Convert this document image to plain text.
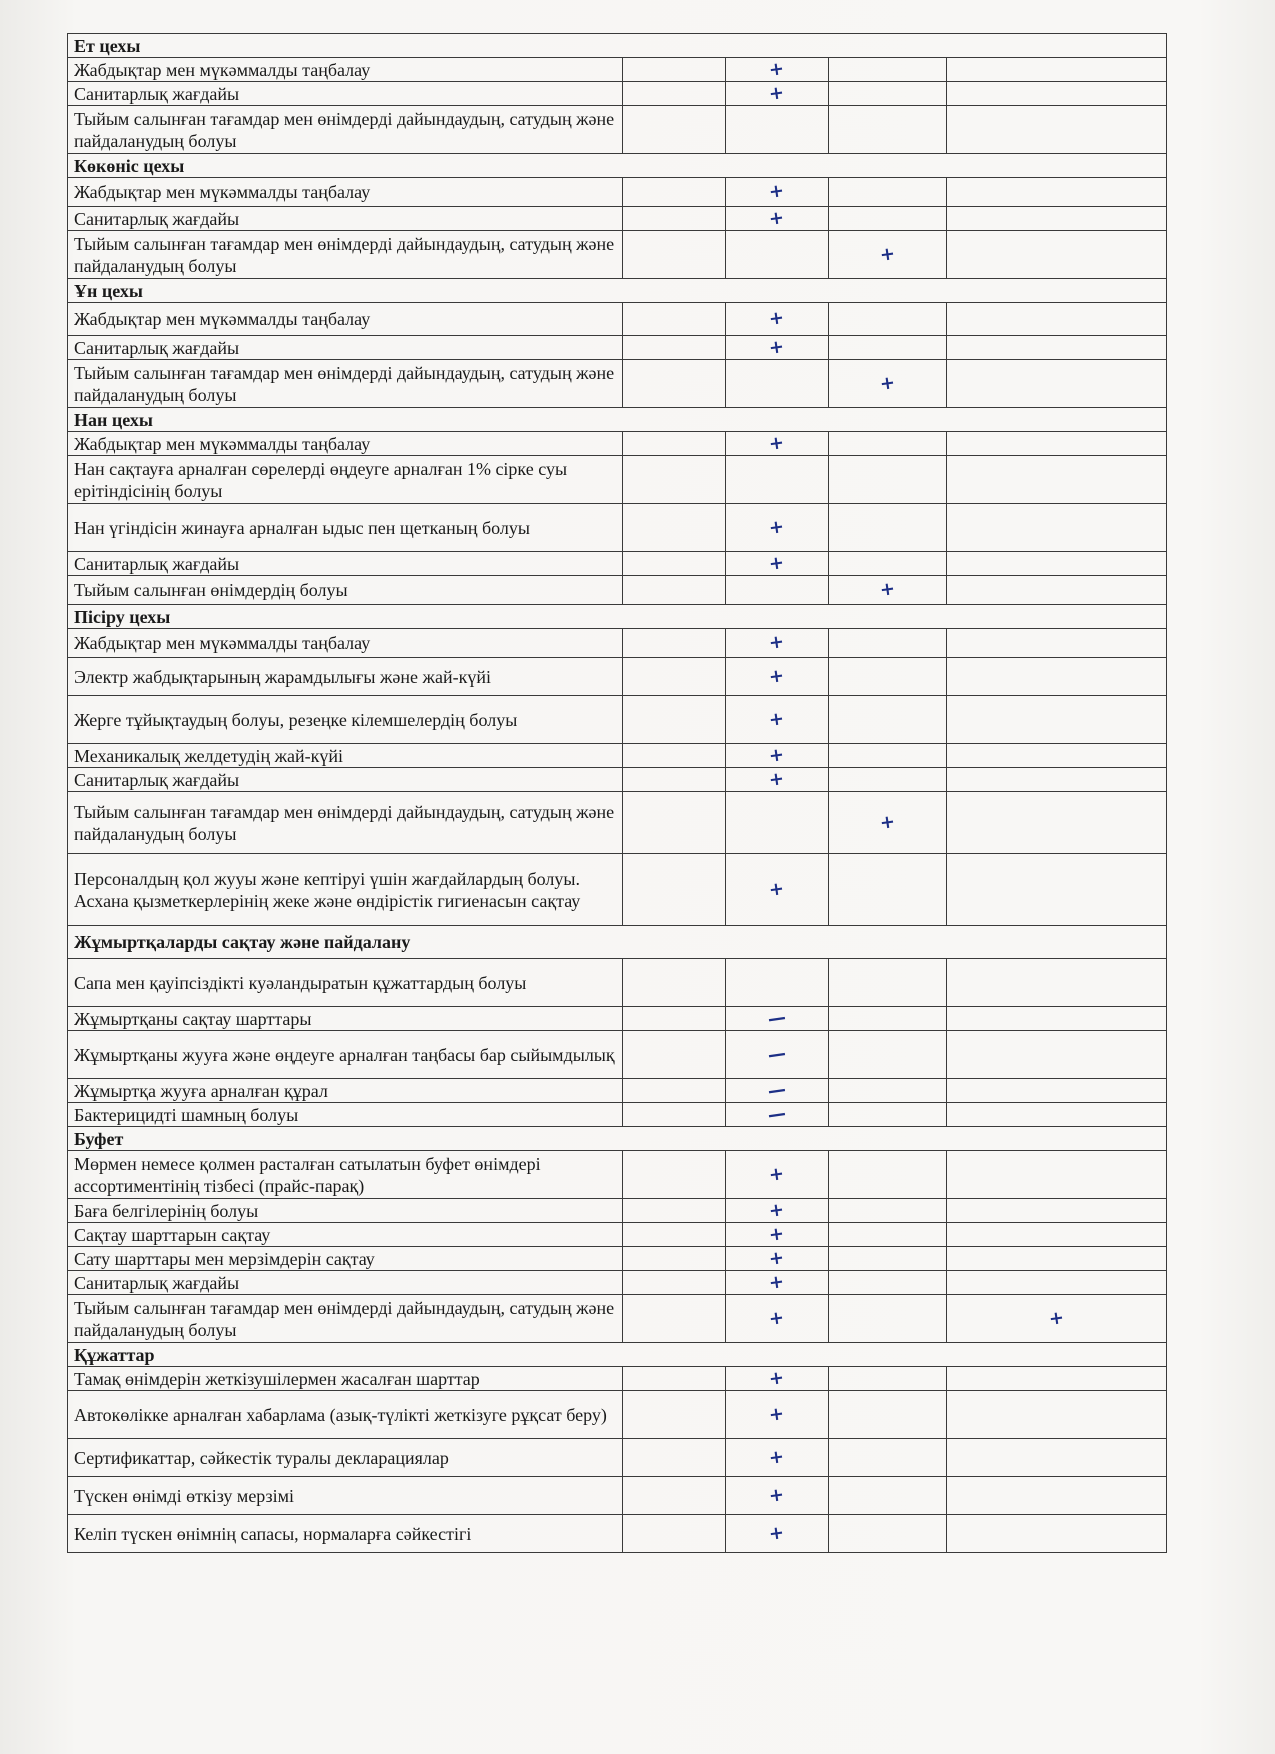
Ет цехы					
Жабдықтар мен мүкәммалды таңбалау		+			
Санитарлық жағдайы		+			
Тыйым салынған тағамдар мен өнімдерді дайындаудың, сатудың және пайдаланудың болуы					
Көкөніс цехы					
Жабдықтар мен мүкәммалды таңбалау		+			
Санитарлық жағдайы		+			
Тыйым салынған тағамдар мен өнімдерді дайындаудың, сатудың және пайдаланудың болуы			+		
Ұн цехы					
Жабдықтар мен мүкәммалды таңбалау		+			
Санитарлық жағдайы		+			
Тыйым салынған тағамдар мен өнімдерді дайындаудың, сатудың және пайдаланудың болуы			+		
Нан цехы					
Жабдықтар мен мүкәммалды таңбалау		+			
Нан сақтауға арналған сөрелерді өңдеуге арналған 1% сірке суы ерітіндісінің болуы					
Нан үгіндісін жинауға арналған ыдыс пен щетканың болуы		+			
Санитарлық жағдайы		+			
Тыйым салынған өнімдердің болуы			+		
Пісіру цехы					
Жабдықтар мен мүкәммалды таңбалау		+			
Электр жабдықтарының жарамдылығы және жай-күйі		+			
Жерге тұйықтаудың болуы, резеңке кілемшелердің болуы		+			
Механикалық желдетудің жай-күйі		+			
Санитарлық жағдайы		+			
Тыйым салынған тағамдар мен өнімдерді дайындаудың, сатудың және пайдаланудың болуы			+		
Персоналдың қол жууы және кептіруі үшін жағдайлардың болуы. Асхана қызметкерлерінің жеке және өндірістік гигиенасын сақтау		+			
Жұмыртқаларды сақтау және пайдалану					
Сапа мен қауіпсіздікті куәландыратын құжаттардың болуы					
Жұмыртқаны сақтау шарттары		—			
Жұмыртқаны жууға және өңдеуге арналған таңбасы бар сыйымдылық		—			
Жұмыртқа жууға арналған құрал		—			
Бактерицидті шамның болуы		—			
Буфет					
Мөрмен немесе қолмен расталған сатылатын буфет өнімдері ассортиментінің тізбесі (прайс-парақ)		+			
Баға белгілерінің болуы		+			
Сақтау шарттарын сақтау		+			
Сату шарттары мен мерзімдерін сақтау		+			
Санитарлық жағдайы		+			
Тыйым салынған тағамдар мен өнімдерді дайындаудың, сатудың және пайдаланудың болуы		+		+	
Құжаттар					
Тамақ өнімдерін жеткізушілермен жасалған шарттар		+			
Автокөлікке арналған хабарлама (азық-түлікті жеткізуге рұқсат беру)		+			
Сертификаттар, сәйкестік туралы декларациялар		+			
Түскен өнімді өткізу мерзімі		+			
Келіп түскен өнімнің сапасы, нормаларға сәйкестігі		+			
